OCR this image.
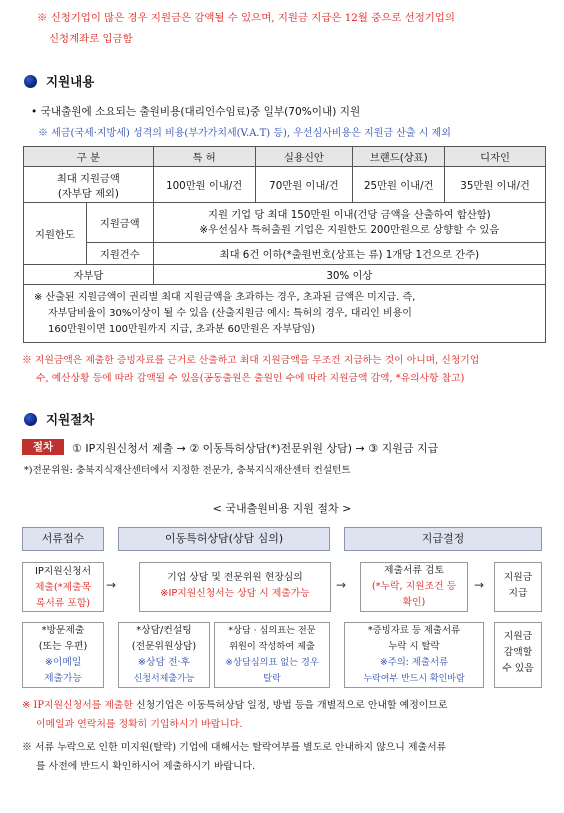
※ 신청기업이 많은 경우 지원금은 감액될 수 있으며, 지원금 지급은 12월 중으로 선정기업의
신청계좌로 입금함
지원내용
• 국내출원에 소요되는 출원비용(대리인수임료)중 일부(70%이내) 지원
※ 세금(국세·지방세) 성격의 비용(부가가치세(V.A.T) 등), 우선심사비용은 지원금 산출 시 제외
구 분		특 허	실용신안	브랜드(상표)	디자인

최대 지원금액
(자부담 제외)		100만원 이내/건	70만원 이내/건	25만원 이내/건	35만원 이내/건
지원한도	지원금액	지원 기업 당 최대 150만원 이내(건당 금액을 산출하여 합산함)
※우선심사 특허출원 기업은 지원한도 200만원으로 상향할 수 있음			

	지원건수	최대 6건 이하(*출원번호(상표는 류) 1개당 1건으로 간주)			
자부담		30% 이상			

※ 산출된 지원금액이 권리별 최대 지원금액을 초과하는 경우, 초과된 금액은 미지급. 즉,
자부담비율이 30%이상이 될 수 있음 (산출지원금 예시: 특허의 경우, 대리인 비용이
160만원이면 100만원까지 지급, 초과분 60만원은 자부담임)					
※ 지원금액은 제출한 증빙자료를 근거로 산출하고 최대 지원금액을 무조건 지급하는 것이 아니며, 신청기업
수, 예산상황 등에 따라 감액될 수 있음(공동출원은 출원인 수에 따라 지원금액 감액, *유의사항 참고)
지원절차
절차	① IP지원신청서 제출 → ② 이동특허상담(*)전문위원 상담) → ③ 지원금 지급
*)전문위원: 충북지식재산센터에서 지정한 전문가, 충북지식재산센터 컨설턴트
< 국내출원비용 지원 절차 >
서류접수	이동특허상담(상담 심의)	지급결정
IP지원신청서
제출(*제출목
록서류 포함)
→
기업 상담 및 전문위원 현장심의
※IP지원신청서는 상담 시 제출가능
→
제출서류 검토
(*누락, 지원조건 등
확인)
→
지원금
지급
*방문제출
(또는 우편)
※이메일
제출가능
*상담/컨설팅
(전문위원상담)
※상담 전·후
신청서제출가능
*상담 · 심의표는 전문
위원이 작성하여 제출
※상담심의표 없는 경우
탈락
*증빙자료 등 제출서류
누락 시 탈락
※주의: 제출서류
누락여부 반드시 확인바람
지원금
감액할
수 있음
※ IP지원신청서를 제출한 신청기업은 이동특허상담 일정, 방법 등을 개별적으로 안내할 예정이므로
이메일과 연락처를 정확히 기입하시기 바랍니다.
※ 서류 누락으로 인한 미지원(탈락) 기업에 대해서는 탈락여부를 별도로 안내하지 않으니 제출서류
를 사전에 반드시 확인하시어 제출하시기 바랍니다.
